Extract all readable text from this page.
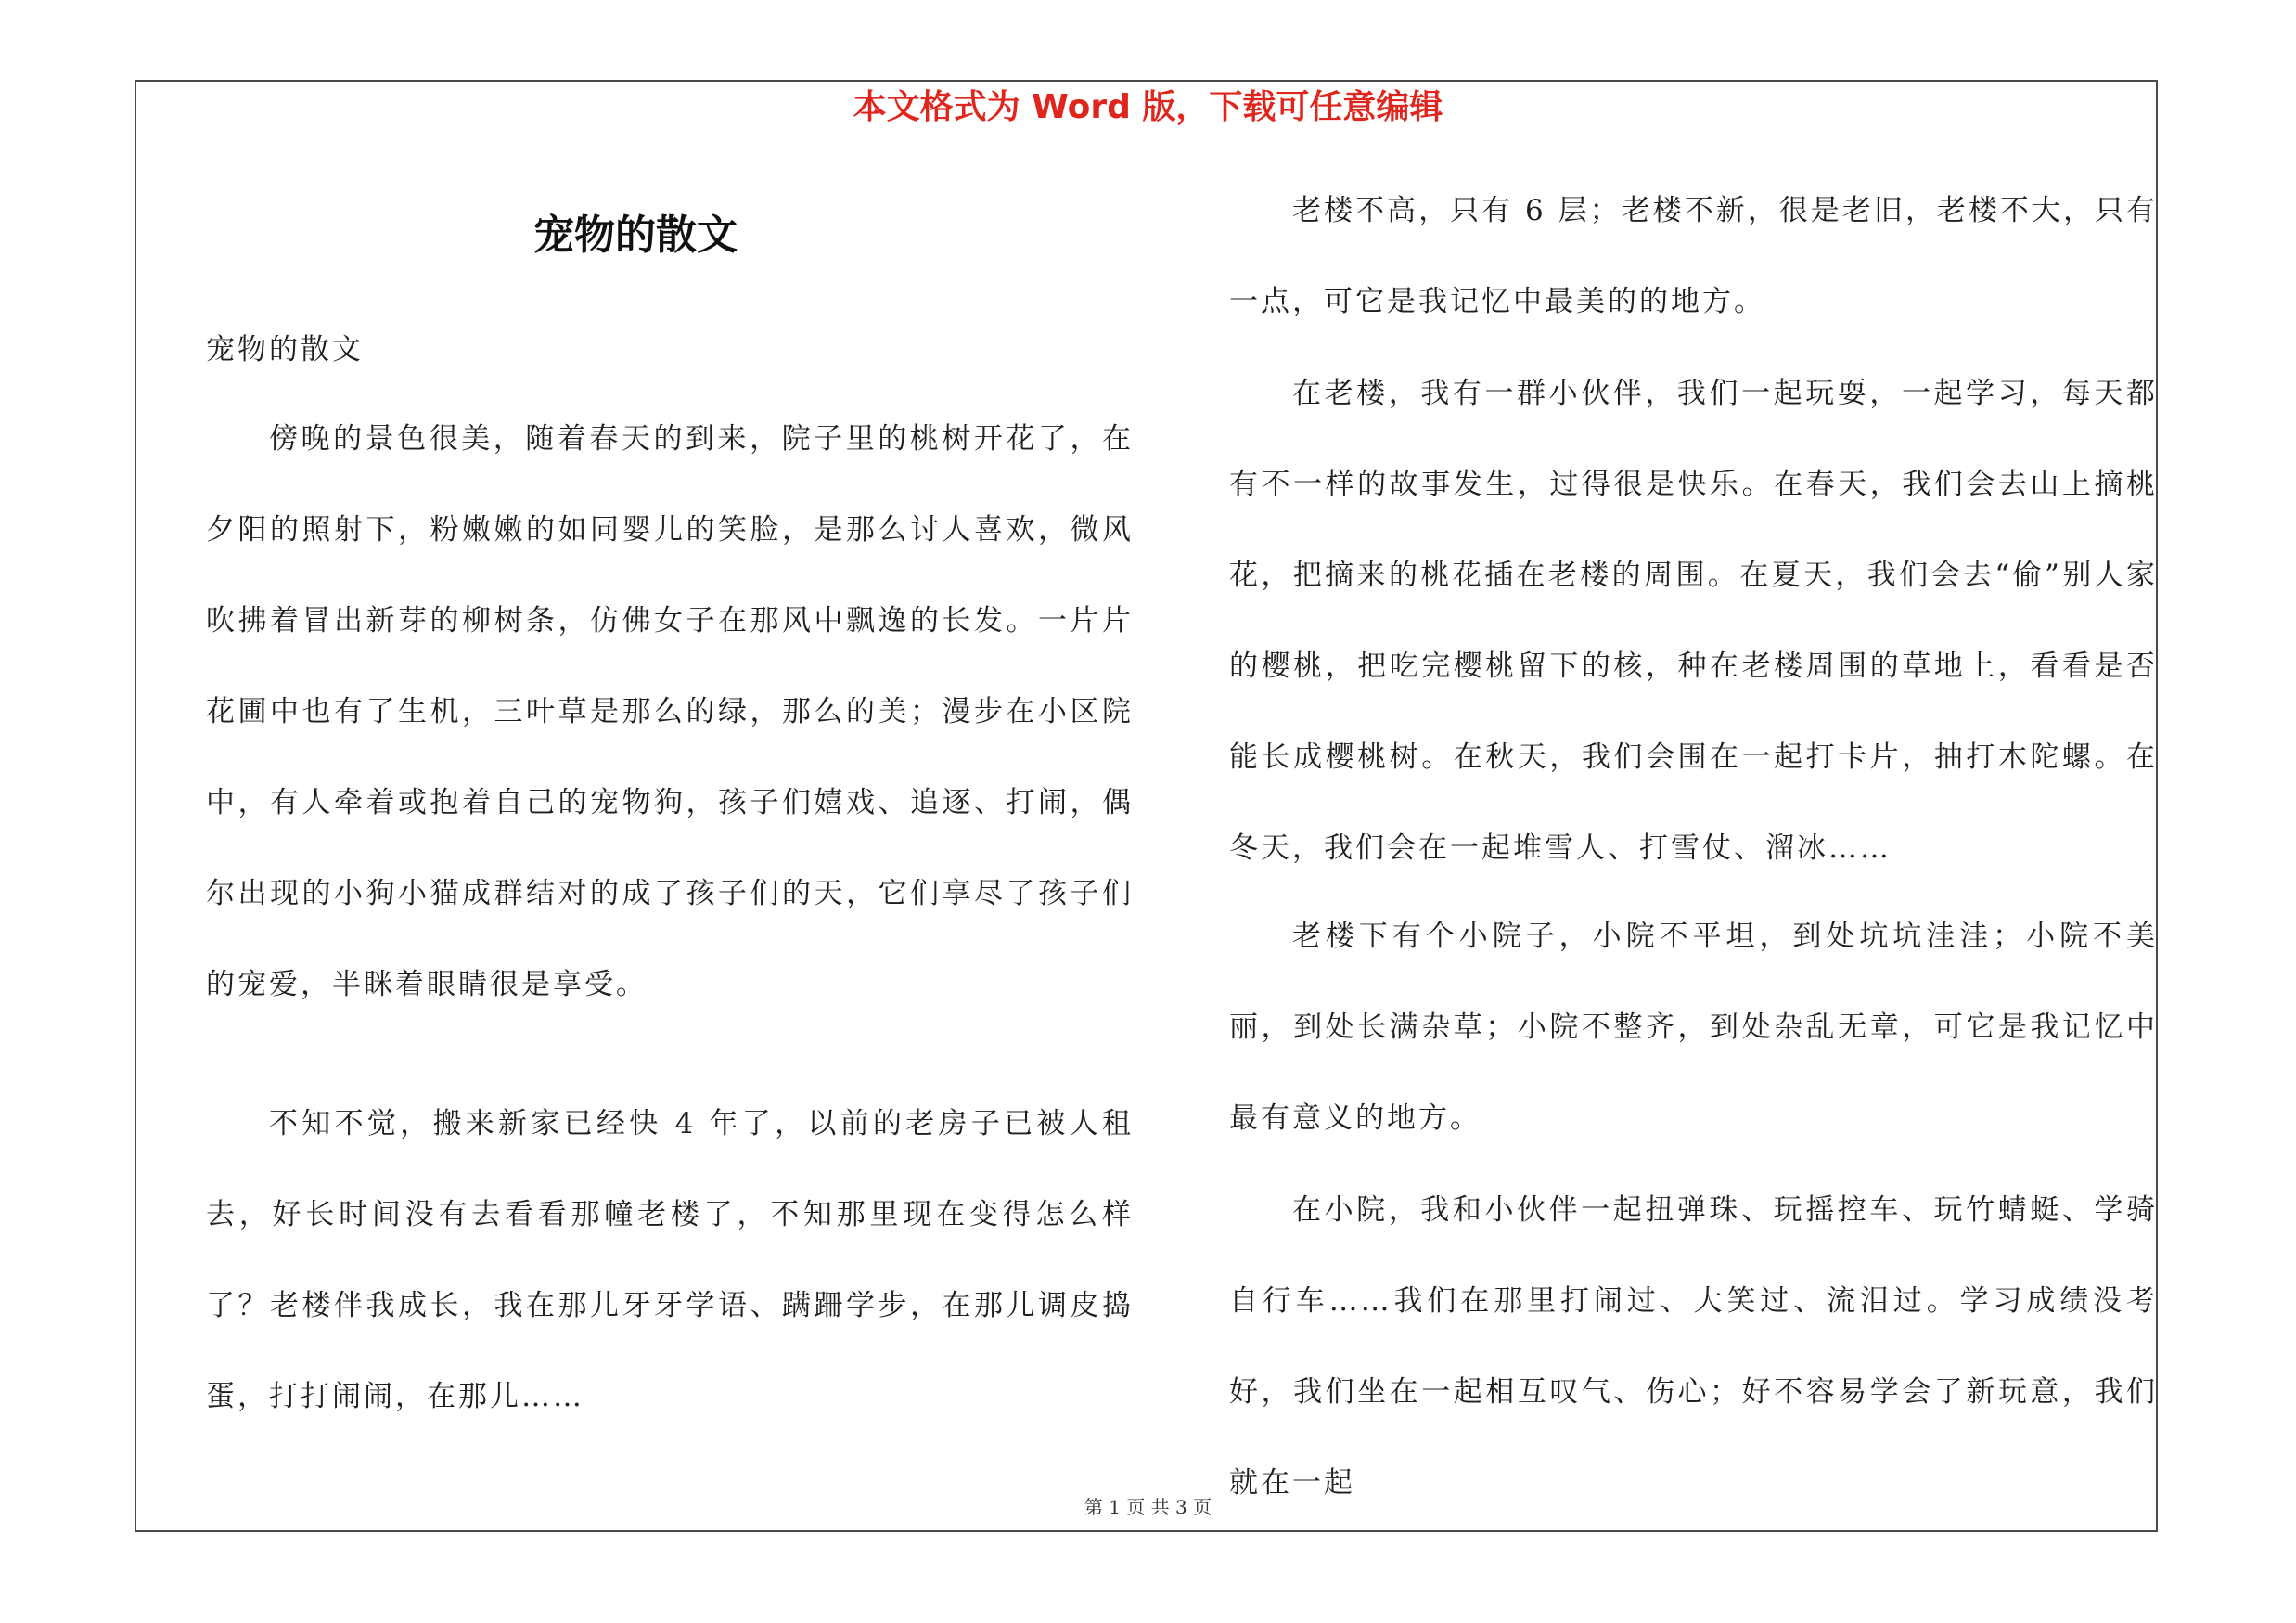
本文格式为 Word 版，下载可任意编辑
宠物的散文
宠物的散文

傍晚的景色很美，随着春天的到来，院子里的桃树开花了，在夕阳的照射下，粉嫩嫩的如同婴儿的笑脸，是那么讨人喜欢，微风吹拂着冒出新芽的柳树条，仿佛女子在那风中飘逸的长发。一片片花圃中也有了生机，三叶草是那么的绿，那么的美；漫步在小区院中，有人牵着或抱着自己的宠物狗，孩子们嬉戏、追逐、打闹，偶尔出现的小狗小猫成群结对的成了孩子们的天，它们享尽了孩子们的宠爱，半眯着眼睛很是享受。

不知不觉，搬来新家已经快 4 年了，以前的老房子已被人租去，好长时间没有去看看那幢老楼了，不知那里现在变得怎么样了？老楼伴我成长，我在那儿牙牙学语、蹒跚学步，在那儿调皮捣蛋，打打闹闹，在那儿……

老楼不高，只有 6 层；老楼不新，很是老旧，老楼不大，只有一点，可它是我记忆中最美的的地方。

在老楼，我有一群小伙伴，我们一起玩耍，一起学习，每天都有不一样的故事发生，过得很是快乐。在春天，我们会去山上摘桃花，把摘来的桃花插在老楼的周围。在夏天，我们会去“偷”别人家的樱桃，把吃完樱桃留下的核，种在老楼周围的草地上，看看是否能长成樱桃树。在秋天，我们会围在一起打卡片，抽打木陀螺。在冬天，我们会在一起堆雪人、打雪仗、溜冰……

老楼下有个小院子，小院不平坦，到处坑坑洼洼；小院不美丽，到处长满杂草；小院不整齐，到处杂乱无章，可它是我记忆中最有意义的地方。

在小院，我和小伙伴一起扭弹珠、玩摇控车、玩竹蜻蜓、学骑自行车……我们在那里打闹过、大笑过、流泪过。学习成绩没考好，我们坐在一起相互叹气、伤心；好不容易学会了新玩意，我们就在一起

第 1 页 共 3 页
